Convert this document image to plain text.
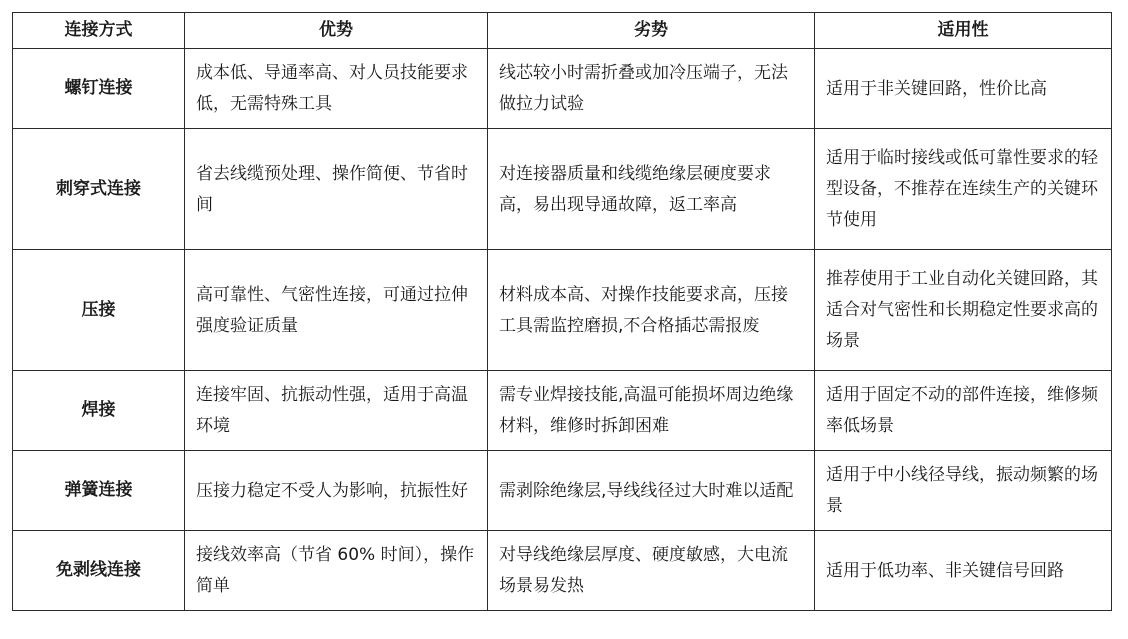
连接方式	优势	劣势	适用性
螺钉连接	成本低、导通率高、对人员技能要求低，无需特殊工具	线芯较小时需折叠或加冷压端子，无法做拉力试验	适用于非关键回路，性价比高
刺穿式连接	省去线缆预处理、操作简便、节省时间	对连接器质量和线缆绝缘层硬度要求高，易出现导通故障，返工率高	适用于临时接线或低可靠性要求的轻型设备，不推荐在连续生产的关键环节使用
压接	高可靠性、气密性连接，可通过拉伸强度验证质量	材料成本高、对操作技能要求高，压接工具需监控磨损,不合格插芯需报废	推荐使用于工业自动化关键回路，其适合对气密性和长期稳定性要求高的场景
焊接	连接牢固、抗振动性强，适用于高温环境	需专业焊接技能,高温可能损坏周边绝缘材料，维修时拆卸困难	适用于固定不动的部件连接，维修频率低场景
弹簧连接	压接力稳定不受人为影响，抗振性好	需剥除绝缘层,导线线径过大时难以适配	适用于中小线径导线，振动频繁的场景
免剥线连接	接线效率高（节省 60% 时间），操作简单	对导线绝缘层厚度、硬度敏感，大电流场景易发热	适用于低功率、非关键信号回路
